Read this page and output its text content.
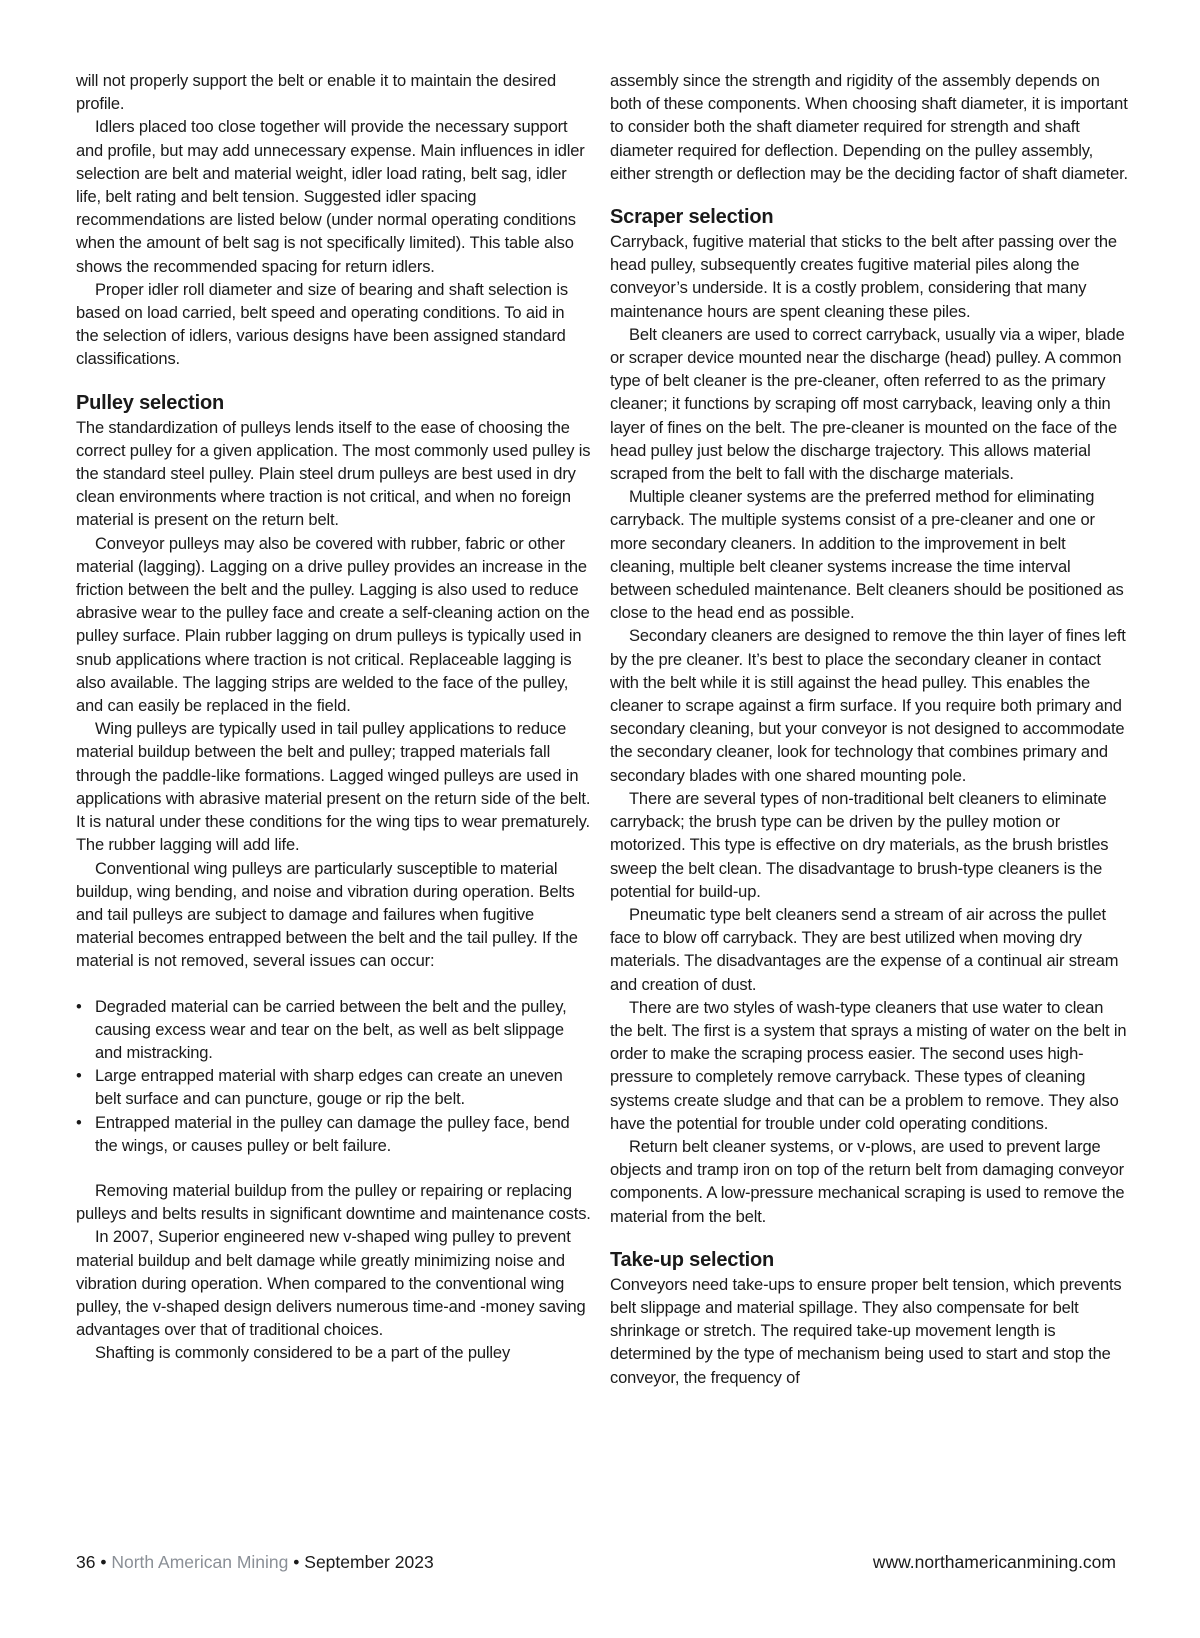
will not properly support the belt or enable it to maintain the desired profile.

Idlers placed too close together will provide the necessary support and profile, but may add unnecessary expense. Main influences in idler selection are belt and material weight, idler load rating, belt sag, idler life, belt rating and belt tension. Suggested idler spacing recommendations are listed below (under normal operating conditions when the amount of belt sag is not specifically limited). This table also shows the recommended spacing for return idlers.

Proper idler roll diameter and size of bearing and shaft selection is based on load carried, belt speed and operating conditions. To aid in the selection of idlers, various designs have been assigned standard classifications.

Pulley selection

The standardization of pulleys lends itself to the ease of choosing the correct pulley for a given application. The most commonly used pulley is the standard steel pulley. Plain steel drum pulleys are best used in dry clean environments where traction is not critical, and when no foreign material is present on the return belt.

Conveyor pulleys may also be covered with rubber, fabric or other material (lagging). Lagging on a drive pulley provides an increase in the friction between the belt and the pulley. Lagging is also used to reduce abrasive wear to the pulley face and create a self-cleaning action on the pulley surface. Plain rubber lagging on drum pulleys is typically used in snub applications where traction is not critical. Replaceable lagging is also available. The lagging strips are welded to the face of the pulley, and can easily be replaced in the field.

Wing pulleys are typically used in tail pulley applications to reduce material buildup between the belt and pulley; trapped materials fall through the paddle-like formations. Lagged winged pulleys are used in applications with abrasive material present on the return side of the belt. It is natural under these conditions for the wing tips to wear prematurely. The rubber lagging will add life.

Conventional wing pulleys are particularly susceptible to material buildup, wing bending, and noise and vibration during operation. Belts and tail pulleys are subject to damage and failures when fugitive material becomes entrapped between the belt and the tail pulley. If the material is not removed, several issues can occur:

• Degraded material can be carried between the belt and the pulley, causing excess wear and tear on the belt, as well as belt slippage and mistracking.
• Large entrapped material with sharp edges can create an uneven belt surface and can puncture, gouge or rip the belt.
• Entrapped material in the pulley can damage the pulley face, bend the wings, or causes pulley or belt failure.

Removing material buildup from the pulley or repairing or replacing pulleys and belts results in significant downtime and maintenance costs.

In 2007, Superior engineered new v-shaped wing pulley to prevent material buildup and belt damage while greatly minimizing noise and vibration during operation. When compared to the conventional wing pulley, the v-shaped design delivers numerous time-and -money saving advantages over that of traditional choices.

Shafting is commonly considered to be a part of the pulley

assembly since the strength and rigidity of the assembly depends on both of these components. When choosing shaft diameter, it is important to consider both the shaft diameter required for strength and shaft diameter required for deflection. Depending on the pulley assembly, either strength or deflection may be the deciding factor of shaft diameter.

Scraper selection

Carryback, fugitive material that sticks to the belt after passing over the head pulley, subsequently creates fugitive material piles along the conveyor’s underside. It is a costly problem, considering that many maintenance hours are spent cleaning these piles.

Belt cleaners are used to correct carryback, usually via a wiper, blade or scraper device mounted near the discharge (head) pulley. A common type of belt cleaner is the pre-cleaner, often referred to as the primary cleaner; it functions by scraping off most carryback, leaving only a thin layer of fines on the belt. The pre-cleaner is mounted on the face of the head pulley just below the discharge trajectory. This allows material scraped from the belt to fall with the discharge materials.

Multiple cleaner systems are the preferred method for eliminating carryback. The multiple systems consist of a pre-cleaner and one or more secondary cleaners. In addition to the improvement in belt cleaning, multiple belt cleaner systems increase the time interval between scheduled maintenance. Belt cleaners should be positioned as close to the head end as possible.

Secondary cleaners are designed to remove the thin layer of fines left by the pre cleaner. It’s best to place the secondary cleaner in contact with the belt while it is still against the head pulley. This enables the cleaner to scrape against a firm surface. If you require both primary and secondary cleaning, but your conveyor is not designed to accommodate the secondary cleaner, look for technology that combines primary and secondary blades with one shared mounting pole.

There are several types of non-traditional belt cleaners to eliminate carryback; the brush type can be driven by the pulley motion or motorized. This type is effective on dry materials, as the brush bristles sweep the belt clean. The disadvantage to brush-type cleaners is the potential for build-up.

Pneumatic type belt cleaners send a stream of air across the pullet face to blow off carryback. They are best utilized when moving dry materials. The disadvantages are the expense of a continual air stream and creation of dust.

There are two styles of wash-type cleaners that use water to clean the belt. The first is a system that sprays a misting of water on the belt in order to make the scraping process easier. The second uses high-pressure to completely remove carryback. These types of cleaning systems create sludge and that can be a problem to remove. They also have the potential for trouble under cold operating conditions.

Return belt cleaner systems, or v-plows, are used to prevent large objects and tramp iron on top of the return belt from damaging conveyor components. A low-pressure mechanical scraping is used to remove the material from the belt.

Take-up selection

Conveyors need take-ups to ensure proper belt tension, which prevents belt slippage and material spillage. They also compensate for belt shrinkage or stretch. The required take-up movement length is determined by the type of mechanism being used to start and stop the conveyor, the frequency of

36 • North American Mining • September 2023	www.northamericanmining.com
